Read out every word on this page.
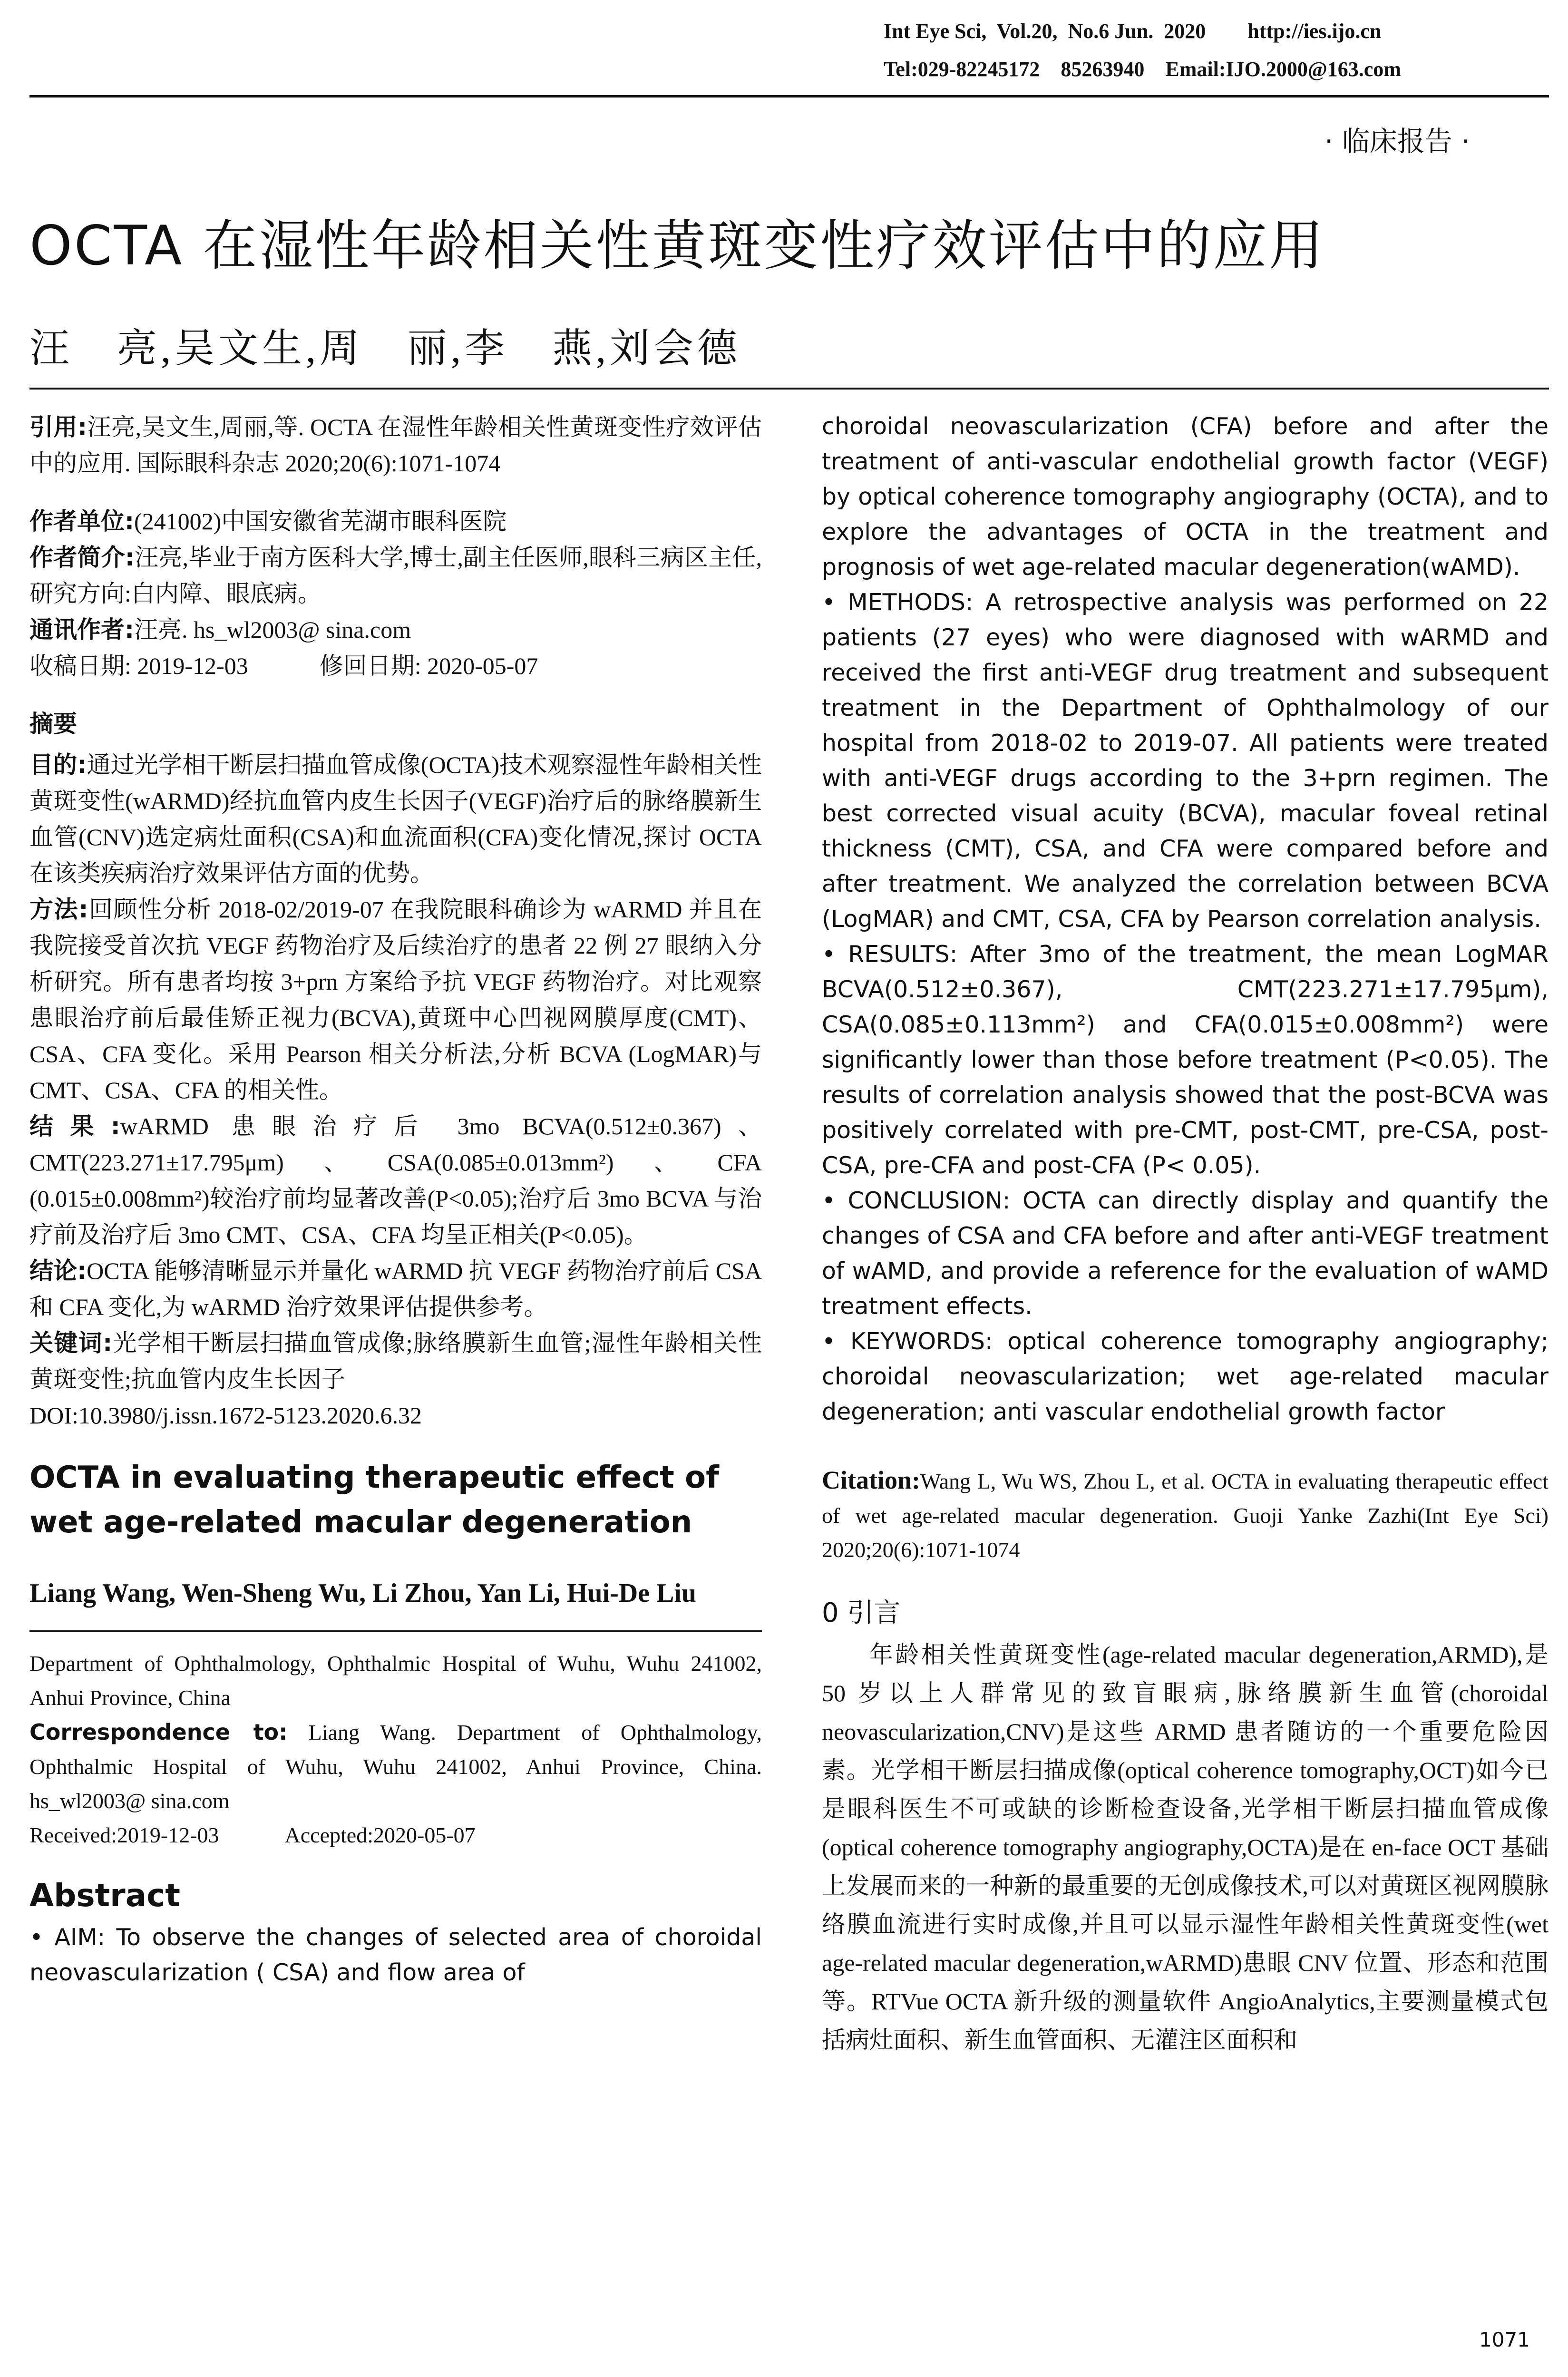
Int Eye Sci,  Vol.20,  No.6 Jun.  2020        http://ies.ijo.cn
Tel:029-82245172    85263940    Email:IJO.2000@163.com
· 临床报告 ·
OCTA 在湿性年龄相关性黄斑变性疗效评估中的应用
汪　亮,吴文生,周　丽,李　燕,刘会德
引用:汪亮,吴文生,周丽,等. OCTA 在湿性年龄相关性黄斑变性疗效评估中的应用. 国际眼科杂志 2020;20(6):1071-1074

作者单位:(241002)中国安徽省芜湖市眼科医院

作者简介:汪亮,毕业于南方医科大学,博士,副主任医师,眼科三病区主任,研究方向:白内障、眼底病。

通讯作者:汪亮. hs_wl2003@ sina.com

收稿日期: 2019-12-03　　　修回日期: 2020-05-07

摘要

目的:通过光学相干断层扫描血管成像(OCTA)技术观察湿性年龄相关性黄斑变性(wARMD)经抗血管内皮生长因子(VEGF)治疗后的脉络膜新生血管(CNV)选定病灶面积(CSA)和血流面积(CFA)变化情况,探讨 OCTA 在该类疾病治疗效果评估方面的优势。

方法:回顾性分析 2018-02/2019-07 在我院眼科确诊为 wARMD 并且在我院接受首次抗 VEGF 药物治疗及后续治疗的患者 22 例 27 眼纳入分析研究。所有患者均按 3+prn 方案给予抗 VEGF 药物治疗。对比观察患眼治疗前后最佳矫正视力(BCVA),黄斑中心凹视网膜厚度(CMT)、CSA、CFA 变化。采用 Pearson 相关分析法,分析 BCVA (LogMAR)与 CMT、CSA、CFA 的相关性。

结果:wARMD 患眼治疗后 3mo BCVA(0.512±0.367)、CMT(223.271±17.795μm)、CSA(0.085±0.013mm²)、CFA (0.015±0.008mm²)较治疗前均显著改善(P<0.05);治疗后 3mo BCVA 与治疗前及治疗后 3mo CMT、CSA、CFA 均呈正相关(P<0.05)。

结论:OCTA 能够清晰显示并量化 wARMD 抗 VEGF 药物治疗前后 CSA 和 CFA 变化,为 wARMD 治疗效果评估提供参考。

关键词:光学相干断层扫描血管成像;脉络膜新生血管;湿性年龄相关性黄斑变性;抗血管内皮生长因子

DOI:10.3980/j.issn.1672-5123.2020.6.32

OCTA in evaluating therapeutic effect of wet age-related macular degeneration
Liang Wang, Wen-Sheng Wu, Li Zhou, Yan Li, Hui-De Liu

Department of Ophthalmology, Ophthalmic Hospital of Wuhu, Wuhu 241002, Anhui Province, China

Correspondence to: Liang Wang. Department of Ophthalmology, Ophthalmic Hospital of Wuhu, Wuhu 241002, Anhui Province, China. hs_wl2003@ sina.com

Received:2019-12-03　　　Accepted:2020-05-07

Abstract
• AIM: To observe the changes of selected area of choroidal neovascularization ( CSA) and flow area of

choroidal neovascularization (CFA) before and after the treatment of anti-vascular endothelial growth factor (VEGF) by optical coherence tomography angiography (OCTA), and to explore the advantages of OCTA in the treatment and prognosis of wet age-related macular degeneration(wAMD).

• METHODS: A retrospective analysis was performed on 22 patients (27 eyes) who were diagnosed with wARMD and received the first anti-VEGF drug treatment and subsequent treatment in the Department of Ophthalmology of our hospital from 2018-02 to 2019-07. All patients were treated with anti-VEGF drugs according to the 3+prn regimen. The best corrected visual acuity (BCVA), macular foveal retinal thickness (CMT), CSA, and CFA were compared before and after treatment. We analyzed the correlation between BCVA (LogMAR) and CMT, CSA, CFA by Pearson correlation analysis.

• RESULTS: After 3mo of the treatment, the mean LogMAR BCVA(0.512±0.367), CMT(223.271±17.795μm), CSA(0.085±0.113mm²) and CFA(0.015±0.008mm²) were significantly lower than those before treatment (P<0.05). The results of correlation analysis showed that the post-BCVA was positively correlated with pre-CMT, post-CMT, pre-CSA, post-CSA, pre-CFA and post-CFA (P< 0.05).

• CONCLUSION: OCTA can directly display and quantify the changes of CSA and CFA before and after anti-VEGF treatment of wAMD, and provide a reference for the evaluation of wAMD treatment effects.

• KEYWORDS: optical coherence tomography angiography; choroidal neovascularization; wet age-related macular degeneration; anti vascular endothelial growth factor

Citation:Wang L, Wu WS, Zhou L, et al. OCTA in evaluating therapeutic effect of wet age-related macular degeneration. Guoji Yanke Zazhi(Int Eye Sci) 2020;20(6):1071-1074
0 引言
年龄相关性黄斑变性(age-related macular degeneration,ARMD),是 50 岁以上人群常见的致盲眼病,脉络膜新生血管(choroidal neovascularization,CNV)是这些 ARMD 患者随访的一个重要危险因素。光学相干断层扫描成像(optical coherence tomography,OCT)如今已是眼科医生不可或缺的诊断检查设备,光学相干断层扫描血管成像(optical coherence tomography angiography,OCTA)是在 en-face OCT 基础上发展而来的一种新的最重要的无创成像技术,可以对黄斑区视网膜脉络膜血流进行实时成像,并且可以显示湿性年龄相关性黄斑变性(wet age-related macular degeneration,wARMD)患眼 CNV 位置、形态和范围等。RTVue OCTA 新升级的测量软件 AngioAnalytics,主要测量模式包括病灶面积、新生血管面积、无灌注区面积和
1071
